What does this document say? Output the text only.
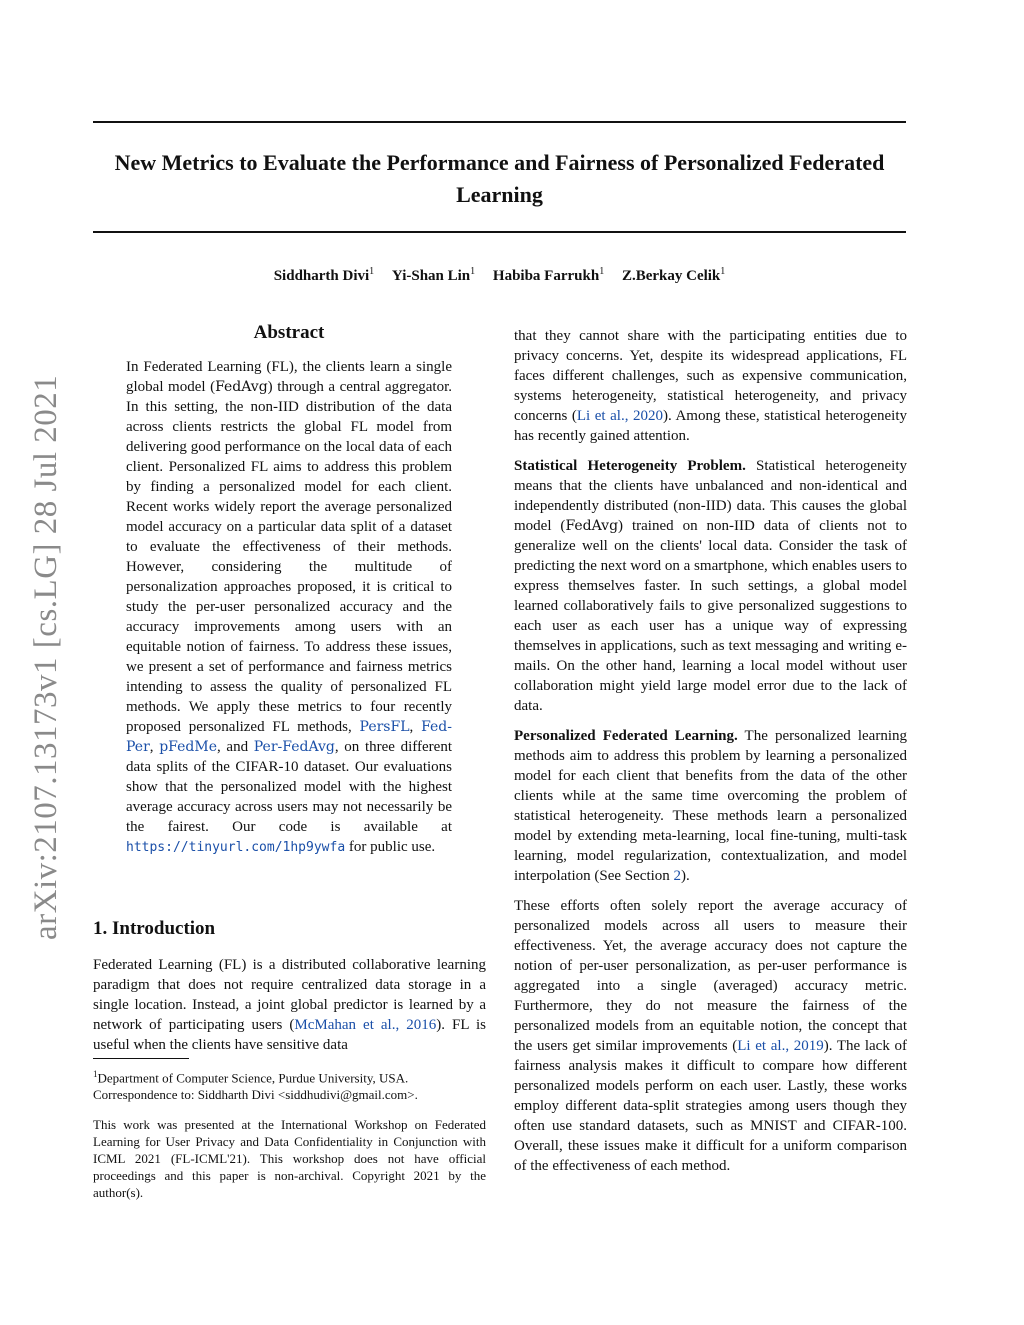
New Metrics to Evaluate the Performance and Fairness of Personalized Federated Learning
Siddharth Divi$^1$ Yi-Shan Lin$^1$ Habiba Farrukh$^1$ Z.Berkay Celik$^1$
arXiv:2107.13173v1 [cs.LG] 28 Jul 2021
Abstract
In Federated Learning (FL), the clients learn a single global model (FedAvg) through a central aggregator. In this setting, the non-IID distribution of the data across clients restricts the global FL model from delivering good performance on the local data of each client. Personalized FL aims to address this problem by finding a personalized model for each client. Recent works widely report the average personalized model accuracy on a particular data split of a dataset to evaluate the effectiveness of their methods. However, considering the multitude of personalization approaches proposed, it is critical to study the per-user personalized accuracy and the accuracy improvements among users with an equitable notion of fairness. To address these issues, we present a set of performance and fairness metrics intending to assess the quality of personalized FL methods. We apply these metrics to four recently proposed personalized FL methods, PersFL, Fed-Per, pFedMe, and Per-FedAvg, on three different data splits of the CIFAR-10 dataset. Our evaluations show that the personalized model with the highest average accuracy across users may not necessarily be the fairest. Our code is available at https://tinyurl.com/1hp9ywfa for public use.
1. Introduction
Federated Learning (FL) is a distributed collaborative learning paradigm that does not require centralized data storage in a single location. Instead, a joint global predictor is learned by a network of participating users (McMahan et al., 2016). FL is useful when the clients have sensitive data
$^1$Department of Computer Science, Purdue University, USA. Correspondence to: Siddharth Divi <siddhudivi@gmail.com>.
This work was presented at the International Workshop on Federated Learning for User Privacy and Data Confidentiality in Conjunction with ICML 2021 (FL-ICML'21). This workshop does not have official proceedings and this paper is non-archival. Copyright 2021 by the author(s).

that they cannot share with the participating entities due to privacy concerns. Yet, despite its widespread applications, FL faces different challenges, such as expensive communication, systems heterogeneity, statistical heterogeneity, and privacy concerns (Li et al., 2020). Among these, statistical heterogeneity has recently gained attention.

Statistical Heterogeneity Problem. Statistical heterogeneity means that the clients have unbalanced and non-identical and independently distributed (non-IID) data. This causes the global model (FedAvg) trained on non-IID data of clients not to generalize well on the clients' local data. Consider the task of predicting the next word on a smartphone, which enables users to express themselves faster. In such settings, a global model learned collaboratively fails to give personalized suggestions to each user as each user has a unique way of expressing themselves in applications, such as text messaging and writing e-mails. On the other hand, learning a local model without user collaboration might yield large model error due to the lack of data.

Personalized Federated Learning. The personalized learning methods aim to address this problem by learning a personalized model for each client that benefits from the data of the other clients while at the same time overcoming the problem of statistical heterogeneity. These methods learn a personalized model by extending meta-learning, local fine-tuning, multi-task learning, model regularization, contextualization, and model interpolation (See Section 2).

These efforts often solely report the average accuracy of personalized models across all users to measure their effectiveness. Yet, the average accuracy does not capture the notion of per-user personalization, as per-user performance is aggregated into a single (averaged) accuracy metric. Furthermore, they do not measure the fairness of the personalized models from an equitable notion, the concept that the users get similar improvements (Li et al., 2019). The lack of fairness analysis makes it difficult to compare how different personalized models perform on each user. Lastly, these works employ different data-split strategies among users though they often use standard datasets, such as MNIST and CIFAR-100. Overall, these issues make it difficult for a uniform comparison of the effectiveness of each method.
